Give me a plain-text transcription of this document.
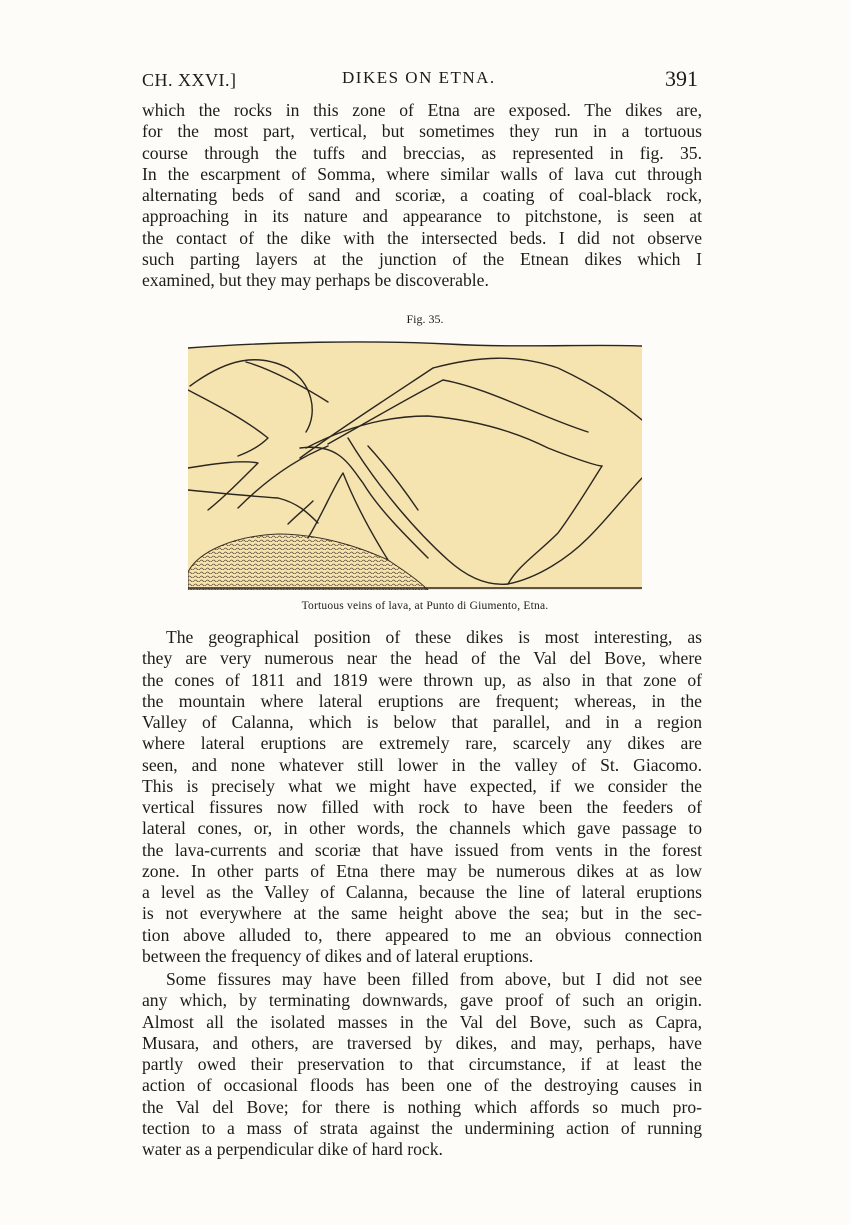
CH. XXVI.]	DIKES ON ETNA.	391
which the rocks in this zone of Etna are exposed. The dikes are,
for the most part, vertical, but sometimes they run in a tortuous
course through the tuffs and breccias, as represented in fig. 35.
In the escarpment of Somma, where similar walls of lava cut through
alternating beds of sand and scoriæ, a coating of coal-black rock,
approaching in its nature and appearance to pitchstone, is seen at
the contact of the dike with the intersected beds. I did not observe
such parting layers at the junction of the Etnean dikes which I
examined, but they may perhaps be discoverable.
Fig. 35.
Tortuous veins of lava, at Punto di Giumento, Etna.
The geographical position of these dikes is most interesting, as
they are very numerous near the head of the Val del Bove, where
the cones of 1811 and 1819 were thrown up, as also in that zone of
the mountain where lateral eruptions are frequent; whereas, in the
Valley of Calanna, which is below that parallel, and in a region
where lateral eruptions are extremely rare, scarcely any dikes are
seen, and none whatever still lower in the valley of St. Giacomo.
This is precisely what we might have expected, if we consider the
vertical fissures now filled with rock to have been the feeders of
lateral cones, or, in other words, the channels which gave passage to
the lava-currents and scoriæ that have issued from vents in the forest
zone. In other parts of Etna there may be numerous dikes at as low
a level as the Valley of Calanna, because the line of lateral eruptions
is not everywhere at the same height above the sea; but in the sec-
tion above alluded to, there appeared to me an obvious connection
between the frequency of dikes and of lateral eruptions.
Some fissures may have been filled from above, but I did not see
any which, by terminating downwards, gave proof of such an origin.
Almost all the isolated masses in the Val del Bove, such as Capra,
Musara, and others, are traversed by dikes, and may, perhaps, have
partly owed their preservation to that circumstance, if at least the
action of occasional floods has been one of the destroying causes in
the Val del Bove; for there is nothing which affords so much pro-
tection to a mass of strata against the undermining action of running
water as a perpendicular dike of hard rock.
